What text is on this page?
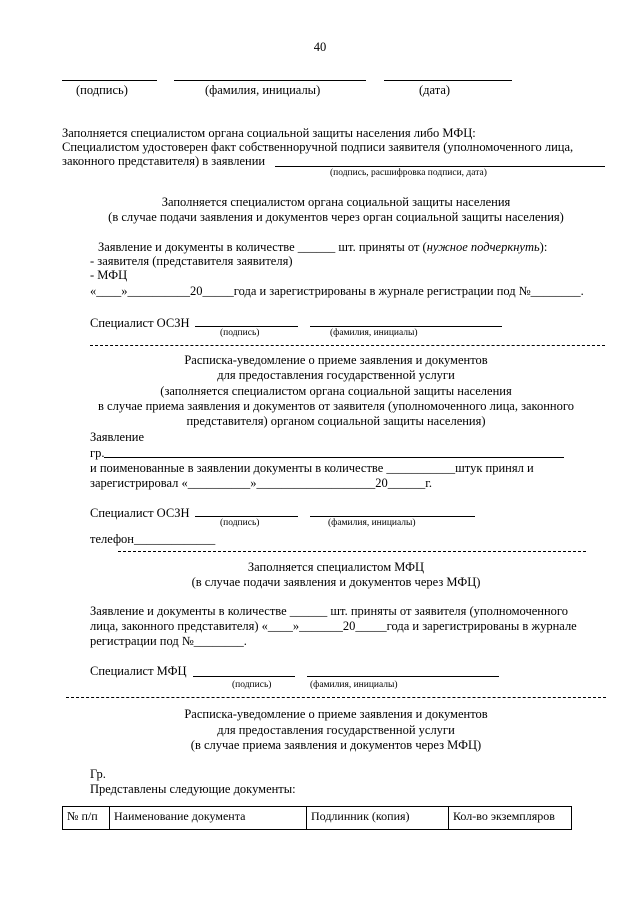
40
(подпись)	(фамилия, инициалы)	(дата)
Заполняется специалистом органа социальной защиты населения либо МФЦ:
Специалистом удостоверен факт собственноручной подписи заявителя (уполномоченного лица,
законного представителя) в заявлении
(подпись, расшифровка подписи, дата)
Заполняется специалистом органа социальной защиты населения
(в случае подачи заявления и документов через орган социальной защиты населения)
Заявление и документы в количестве ______ шт. приняты от (нужное подчеркнуть):
- заявителя (представителя заявителя)
- МФЦ
«____»__________20_____года и зарегистрированы в журнале регистрации под №________.
Специалист ОСЗН
(подпись)	(фамилия, инициалы)
Расписка-уведомление о приеме заявления и документов
для предоставления государственной услуги
(заполняется специалистом органа социальной защиты населения
в случае приема заявления и документов от заявителя (уполномоченного лица, законного
представителя) органом социальной защиты населения)
Заявление
гр.
и поименованные в заявлении документы в количестве ___________штук принял и
зарегистрировал «__________»___________________20______г.
Специалист ОСЗН
(подпись)	(фамилия, инициалы)
телефон_____________
Заполняется специалистом МФЦ
(в случае подачи заявления и документов через МФЦ)
Заявление и документы в количестве ______ шт. приняты от заявителя (уполномоченного
лица, законного представителя) «____»_______20_____года и зарегистрированы в журнале
регистрации под №________.
Специалист МФЦ
(подпись)	(фамилия, инициалы)
Расписка-уведомление о приеме заявления и документов
для предоставления государственной услуги
(в случае приема заявления и документов через МФЦ)
Гр.
Представлены следующие документы:
№ п/п	Наименование документа	Подлинник (копия)	Кол-во экземпляров
